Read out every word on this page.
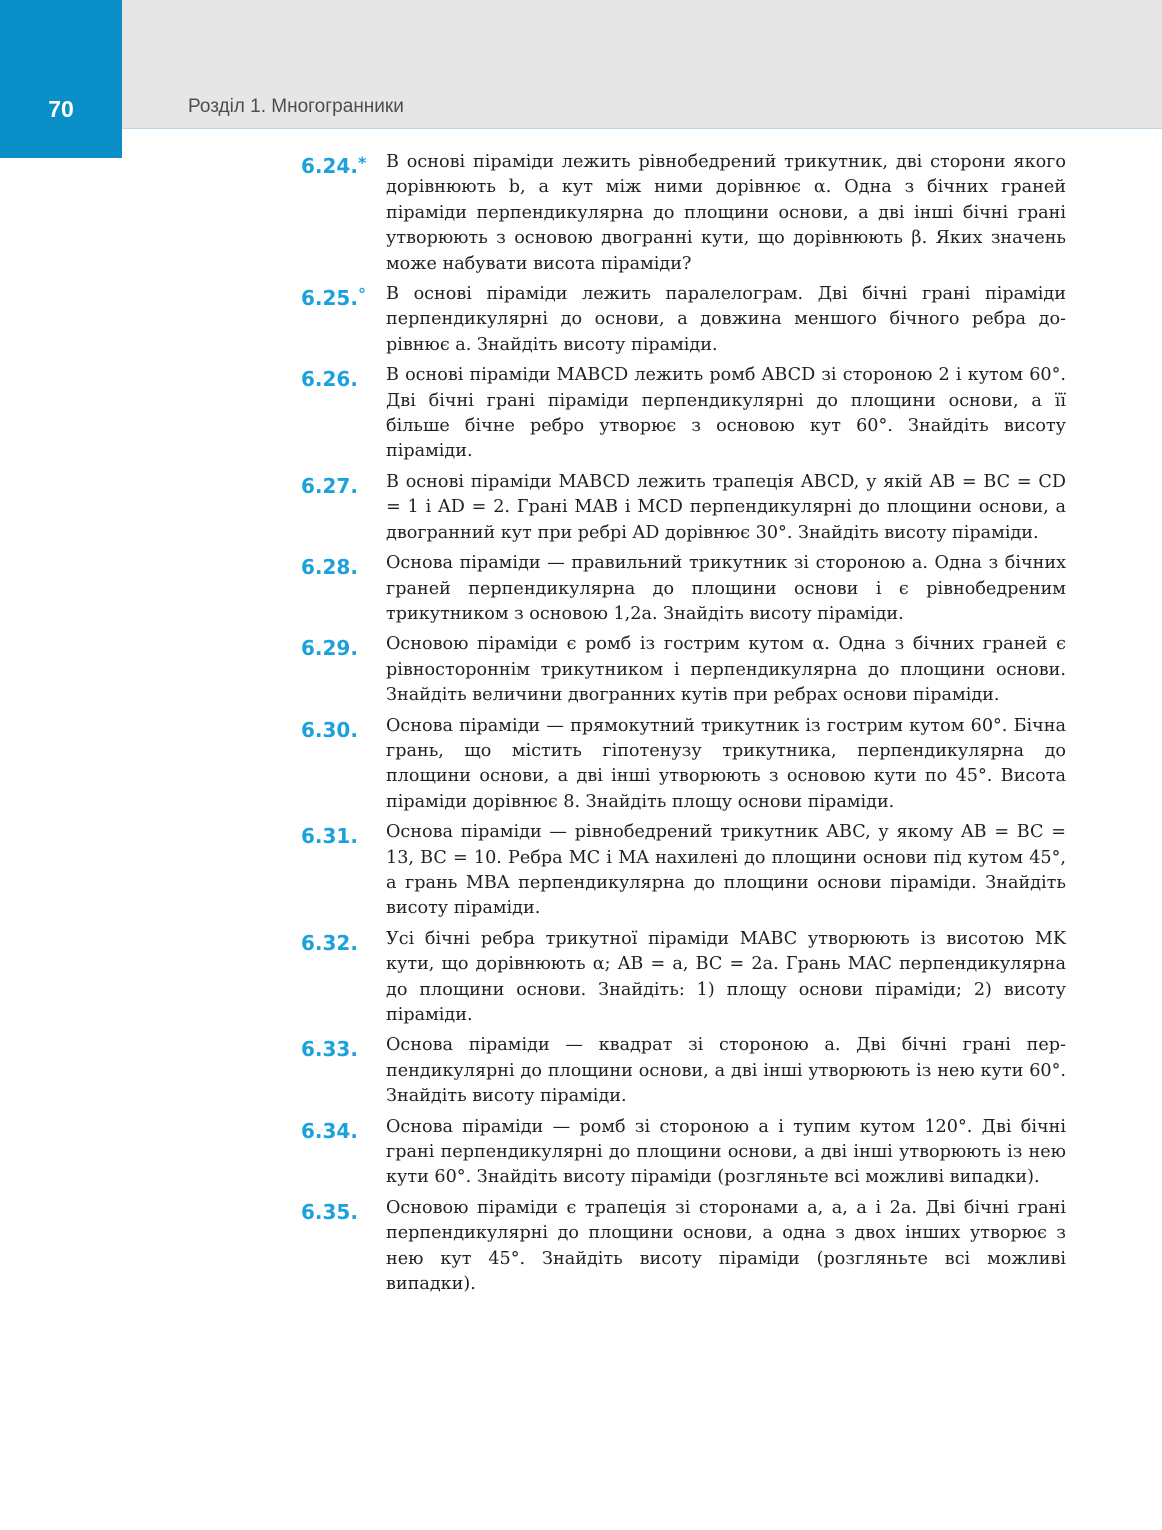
70	Розділ 1. Многогранники
6.24.* В основі піраміди лежить рівнобедрений трикутник, дві сторони якого дорівнюють b, а кут між ними дорівнює α. Одна з бічних граней піраміди перпендикулярна до площини основи, а дві інші бічні грані утворюють з основою двогранні кути, що дорівнюють β. Яких значень може набувати висота піраміди?
6.25.° В основі піраміди лежить паралелограм. Дві бічні грані піраміди перпендикулярні до основи, а довжина меншого бічного ребра дорівнює a. Знайдіть висоту піраміди.
6.26. В основі піраміди MABCD лежить ромб ABCD зі стороною 2 і кутом 60°. Дві бічні грані піраміди перпендикулярні до площини основи, а її більше бічне ребро утворює з основою кут 60°. Знайдіть висоту піраміди.
6.27. В основі піраміди MABCD лежить трапеція ABCD, у якій AB = BC = CD = 1 і AD = 2. Грані MAB і MCD перпендикулярні до площини основи, а двогранний кут при ребрі AD дорівнює 30°. Знайдіть висоту піраміди.
6.28. Основа піраміди — правильний трикутник зі стороною a. Одна з бічних граней перпендикулярна до площини основи і є рівнобедреним трикутником з основою 1,2a. Знайдіть висоту піраміди.
6.29. Основою піраміди є ромб із гострим кутом α. Одна з бічних граней є рівностороннім трикутником і перпендикулярна до площини основи. Знайдіть величини двогранних кутів при ребрах основи піраміди.
6.30. Основа піраміди — прямокутний трикутник із гострим кутом 60°. Бічна грань, що містить гіпотенузу трикутника, перпендикулярна до площини основи, а дві інші утворюють з основою кути по 45°. Висота піраміди дорівнює 8. Знайдіть площу основи піраміди.
6.31. Основа піраміди — рівнобедрений трикутник ABC, у якому AB = BC = 13, BC = 10. Ребра MC і MA нахилені до площини основи під кутом 45°, а грань MBA перпендикулярна до площини основи піраміди. Знайдіть висоту піраміди.
6.32. Усі бічні ребра трикутної піраміди MABC утворюють із висотою MK кути, що дорівнюють α; AB = a, BC = 2a. Грань MAC перпендикулярна до площини основи. Знайдіть: 1) площу основи піраміди; 2) висоту піраміди.
6.33. Основа піраміди — квадрат зі стороною a. Дві бічні грані перпендикулярні до площини основи, а дві інші утворюють із нею кути 60°. Знайдіть висоту піраміди.
6.34. Основа піраміди — ромб зі стороною a і тупим кутом 120°. Дві бічні грані перпендикулярні до площини основи, а дві інші утворюють із нею кути 60°. Знайдіть висоту піраміди (розгляньте всі можливі випадки).
6.35. Основою піраміди є трапеція зі сторонами a, a, a і 2a. Дві бічні грані перпендикулярні до площини основи, а одна з двох інших утворює з нею кут 45°. Знайдіть висоту піраміди (розгляньте всі можливі випадки).
